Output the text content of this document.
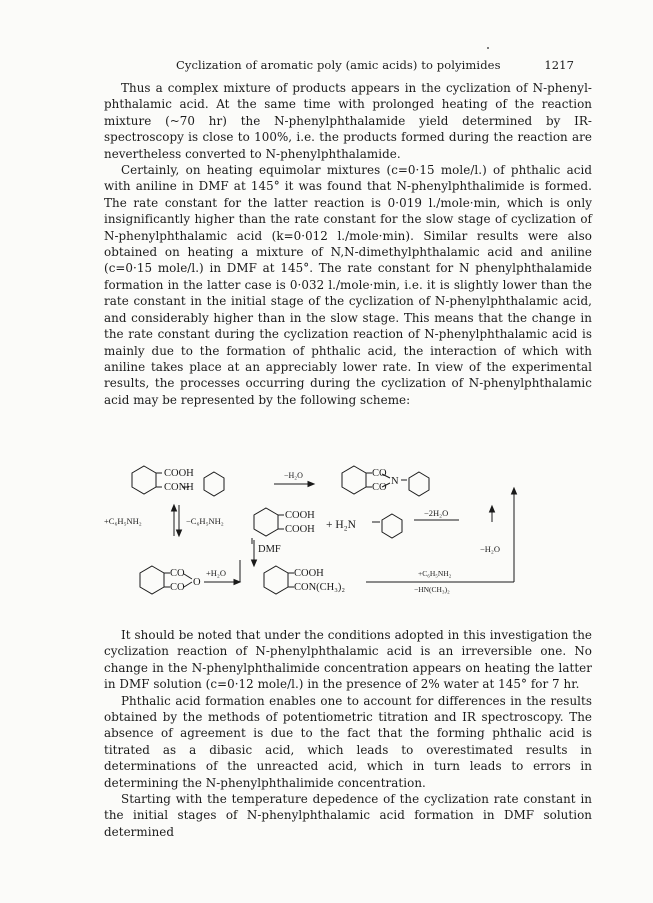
Cyclization of aromatic poly (amic acids) to polyimides	1217

Thus a complex mixture of products appears in the cyclization of N-phenyl-phthalamic acid. At the same time with prolonged heating of the reaction mixture (~70 hr) the N-phenylphthalamide yield determined by IR-spectroscopy is close to 100%, i.e. the products formed during the reaction are nevertheless converted to N-phenylphthalamide.

Certainly, on heating equimolar mixtures (c=0·15 mole/l.) of phthalic acid with aniline in DMF at 145° it was found that N-phenylphthalimide is formed. The rate constant for the latter reaction is 0·019 l./mole·min, which is only insignificantly higher than the rate constant for the slow stage of cyclization of N-phenylphthalamic acid (k=0·012 l./mole·min). Similar results were also obtained on heating a mixture of N,N-dimethylphthalamic acid and aniline (c=0·15 mole/l.) in DMF at 145°. The rate constant for N phenylphthalamide formation in the latter case is 0·032 l./mole·min, i.e. it is slightly lower than the rate constant in the initial stage of the cyclization of N-phenylphthalamic acid, and considerably higher than in the slow stage. This means that the change in the rate constant during the cyclization reaction of N-phenylphthalamic acid is mainly due to the formation of phthalic acid, the interaction of which with aniline takes place at an appreciably lower rate. In view of the experimental results, the processes occurring during the cyclization of N-phenylphthalamic acid may be represented by the following scheme:

COOH
CONH
−H₂O	CO
CO
N
+C₆H₅NH₂	−C₆H₅NH₂	COOH
COOH + H₂N
−2H₂O
DMF	−H₂O
CO
CO O
+H₂O	COOH
CON(CH₃)₂
+C₆H₅NH₂
−HN(CH₃)₂

It should be noted that under the conditions adopted in this investigation the cyclization reaction of N-phenylphthalamic acid is an irreversible one. No change in the N-phenylphthalimide concentration appears on heating the latter in DMF solution (c=0·12 mole/l.) in the presence of 2% water at 145° for 7 hr.

Phthalic acid formation enables one to account for differences in the results obtained by the methods of potentiometric titration and IR spectroscopy. The absence of agreement is due to the fact that the forming phthalic acid is titrated as a dibasic acid, which leads to overestimated results in determinations of the unreacted acid, which in turn leads to errors in determining the N-phenylphthalimide concentration.

Starting with the temperature depedence of the cyclization rate constant in the initial stages of N-phenylphthalamic acid formation in DMF solution determined
